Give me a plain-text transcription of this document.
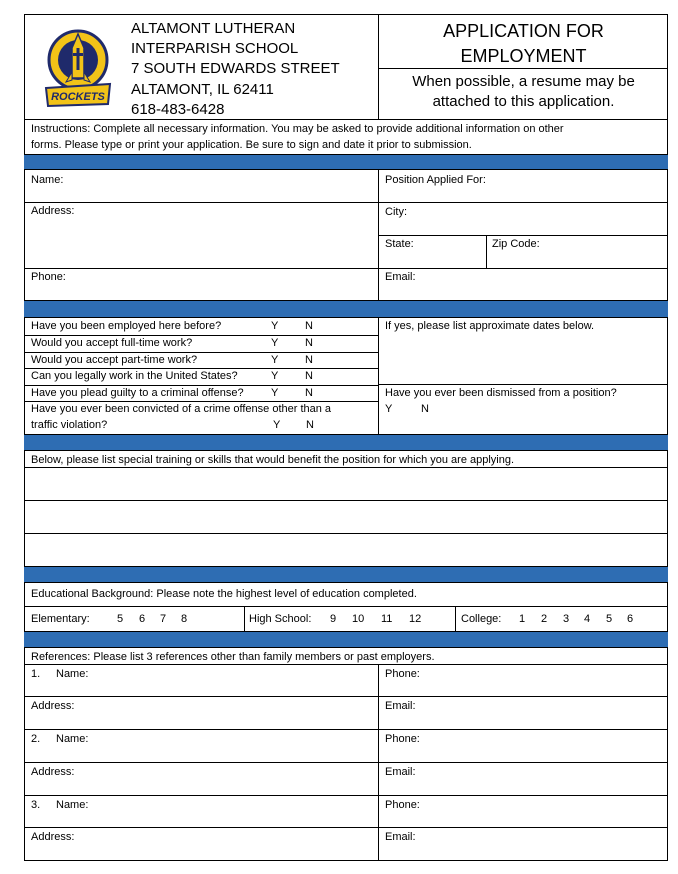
ROCKETS
ALTAMONT LUTHERAN
INTERPARISH SCHOOL
7 SOUTH EDWARDS STREET
ALTAMONT, IL 62411
618-483-6428
APPLICATION FOR
EMPLOYMENT
When possible, a resume may be
attached to this application.
Instructions: Complete all necessary information. You may be asked to provide additional information on other
forms. Please type or print your application. Be sure to sign and date it prior to submission.
Name:	Position Applied For:
Address:	City:
State:	Zip Code:
Phone:	Email:
Have you been employed here before?	Y N
Would you accept full-time work?	Y N
Would you accept part-time work?	Y N
Can you legally work in the United States?	Y N
Have you plead guilty to a criminal offense? Y N
Have you ever been convicted of a crime offense other than a
traffic violation?	Y N
If yes, please list approximate dates below.
Have you ever been dismissed from a position?
Y	N
Below, please list special training or skills that would benefit the position for which you are applying.
Educational Background: Please note the highest level of education completed.
Elementary: 5 6 7 8	High School: 9 10 11 12	College: 1 2 3 4 5 6
References: Please list 3 references other than family members or past employers.
1. Name:	Phone:
Address:	Email:
2. Name:	Phone:
Address:	Email:
3. Name:	Phone:
Address:	Email:
